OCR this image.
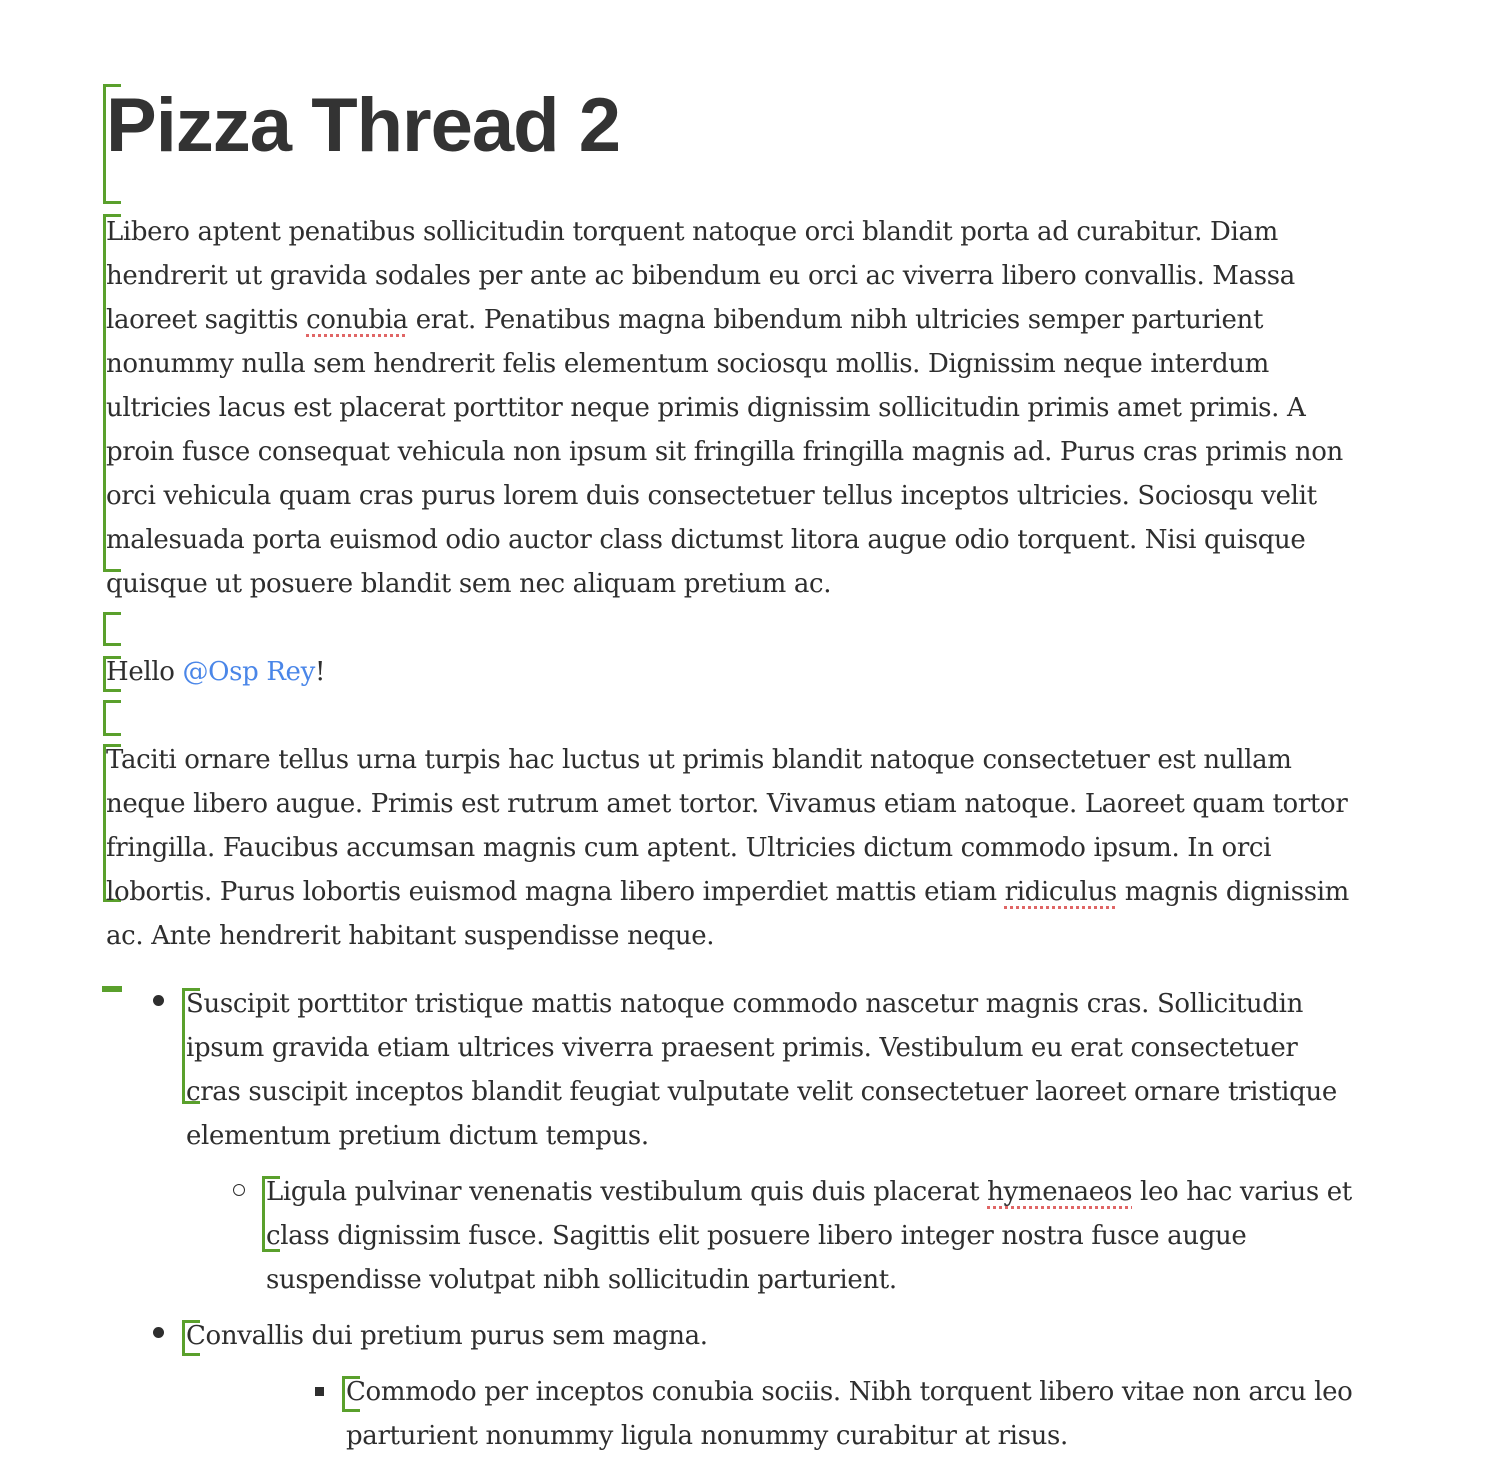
Pizza Thread 2

Libero aptent penatibus sollicitudin torquent natoque orci blandit porta ad curabitur. Diam hendrerit ut gravida sodales per ante ac bibendum eu orci ac viverra libero convallis. Massa laoreet sagittis conubia erat. Penatibus magna bibendum nibh ultricies semper parturient nonummy nulla sem hendrerit felis elementum sociosqu mollis. Dignissim neque interdum ultricies lacus est placerat porttitor neque primis dignissim sollicitudin primis amet primis. A proin fusce consequat vehicula non ipsum sit fringilla fringilla magnis ad. Purus cras primis non orci vehicula quam cras purus lorem duis consectetuer tellus inceptos ultricies. Sociosqu velit malesuada porta euismod odio auctor class dictumst litora augue odio torquent. Nisi quisque quisque ut posuere blandit sem nec aliquam pretium ac.

Hello @Osp Rey!

Taciti ornare tellus urna turpis hac luctus ut primis blandit natoque consectetuer est nullam neque libero augue. Primis est rutrum amet tortor. Vivamus etiam natoque. Laoreet quam tortor fringilla. Faucibus accumsan magnis cum aptent. Ultricies dictum commodo ipsum. In orci lobortis. Purus lobortis euismod magna libero imperdiet mattis etiam ridiculus magnis dignissim ac. Ante hendrerit habitant suspendisse neque.

Suscipit porttitor tristique mattis natoque commodo nascetur magnis cras. Sollicitudin ipsum gravida etiam ultrices viverra praesent primis. Vestibulum eu erat consectetuer cras suscipit inceptos blandit feugiat vulputate velit consectetuer laoreet ornare tristique elementum pretium dictum tempus.
Ligula pulvinar venenatis vestibulum quis duis placerat hymenaeos leo hac varius et class dignissim fusce. Sagittis elit posuere libero integer nostra fusce augue suspendisse volutpat nibh sollicitudin parturient.
Convallis dui pretium purus sem magna.
Commodo per inceptos conubia sociis. Nibh torquent libero vitae non arcu leo parturient nonummy ligula nonummy curabitur at risus.
